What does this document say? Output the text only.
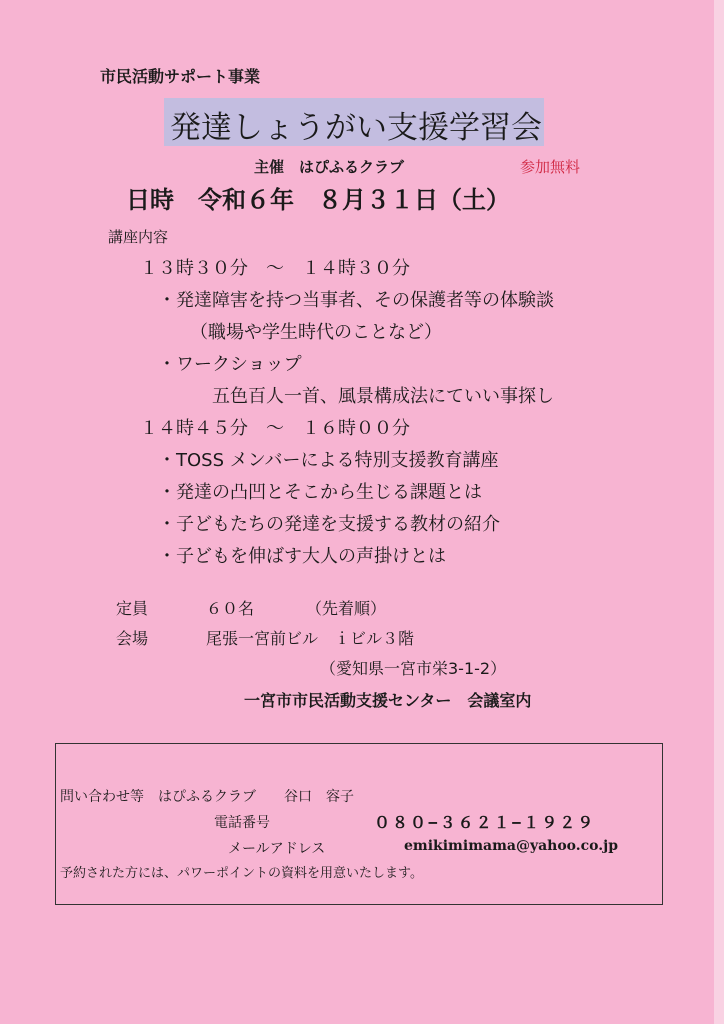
市民活動サポート事業
発達しょうがい支援学習会
主催　 はぴふるクラブ	参加無料
日時　令和６年　８月３１日（土）
講座内容
１３時３０分　～　１４時３０分
・発達障害を持つ当事者、その保護者等の体験談
（職場や学生時代のことなど）
・ワークショップ
五色百人一首、風景構成法にていい事探し
１４時４５分　～　１６時００分
・TOSS メンバーによる特別支援教育講座
・発達の凸凹とそこから生じる課題とは
・子どもたちの発達を支援する教材の紹介
・子どもを伸ばす大人の声掛けとは
定員	６０名	（先着順）
会場	尾張一宮前ビル　ｉビル３階
（愛知県一宮市栄3-1-2）
一宮市市民活動支援センター　会議室内
問い合わせ等　はぴふるクラブ　　谷口　容子
電話番号	０８０−３６２１−１９２９
メールアドレス	emikimimama@yahoo.co.jp
予約された方には、パワーポイントの資料を用意いたします。
